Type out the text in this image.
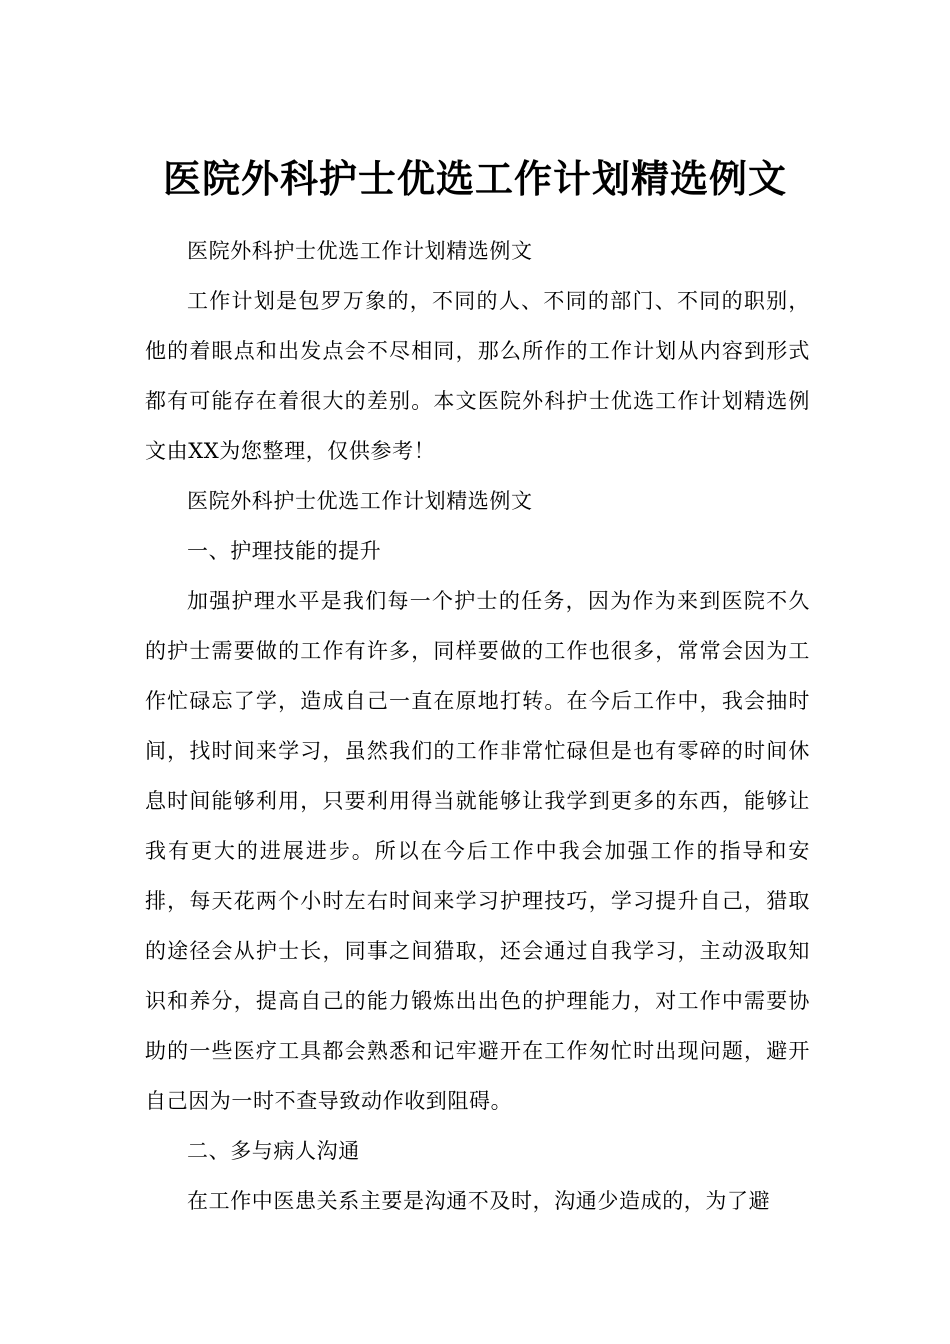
医院外科护士优选工作计划精选例文

医院外科护士优选工作计划精选例文

工作计划是包罗万象的，不同的人、不同的部门、不同的职别，他的着眼点和出发点会不尽相同，那么所作的工作计划从内容到形式都有可能存在着很大的差别。本文医院外科护士优选工作计划精选例文由XX为您整理，仅供参考！

医院外科护士优选工作计划精选例文

一、护理技能的提升

加强护理水平是我们每一个护士的任务，因为作为来到医院不久的护士需要做的工作有许多，同样要做的工作也很多，常常会因为工作忙碌忘了学，造成自己一直在原地打转。在今后工作中，我会抽时间，找时间来学习，虽然我们的工作非常忙碌但是也有零碎的时间休息时间能够利用，只要利用得当就能够让我学到更多的东西，能够让我有更大的进展进步。所以在今后工作中我会加强工作的指导和安排，每天花两个小时左右时间来学习护理技巧，学习提升自己，猎取的途径会从护士长，同事之间猎取，还会通过自我学习，主动汲取知识和养分，提高自己的能力锻炼出出色的护理能力，对工作中需要协助的一些医疗工具都会熟悉和记牢避开在工作匆忙时出现问题，避开自己因为一时不查导致动作收到阻碍。

二、多与病人沟通

在工作中医患关系主要是沟通不及时，沟通少造成的，为了避
